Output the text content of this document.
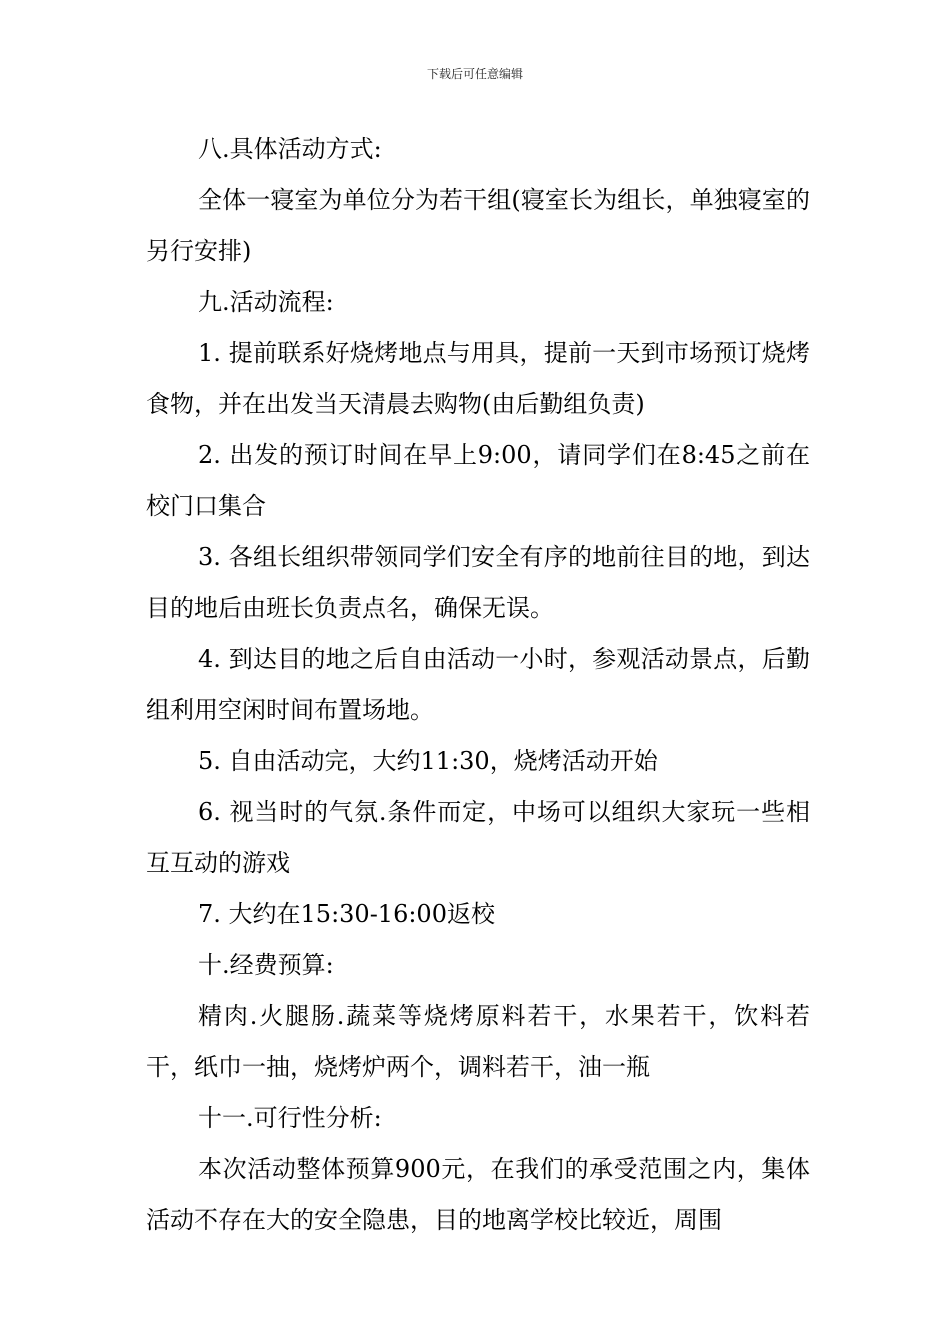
下载后可任意编辑

八.具体活动方式:

全体一寝室为单位分为若干组(寝室长为组长，单独寝室的另行安排)

九.活动流程:

1. 提前联系好烧烤地点与用具，提前一天到市场预订烧烤食物，并在出发当天清晨去购物(由后勤组负责)

2. 出发的预订时间在早上9:00，请同学们在8:45之前在校门口集合

3. 各组长组织带领同学们安全有序的地前往目的地，到达目的地后由班长负责点名，确保无误。

4. 到达目的地之后自由活动一小时，参观活动景点，后勤组利用空闲时间布置场地。

5. 自由活动完，大约11:30，烧烤活动开始

6. 视当时的气氛.条件而定，中场可以组织大家玩一些相互互动的游戏

7. 大约在15:30-16:00返校

十.经费预算:

精肉.火腿肠.蔬菜等烧烤原料若干，水果若干，饮料若干，纸巾一抽，烧烤炉两个，调料若干，油一瓶

十一.可行性分析:

本次活动整体预算900元，在我们的承受范围之内，集体活动不存在大的安全隐患，目的地离学校比较近，周围
